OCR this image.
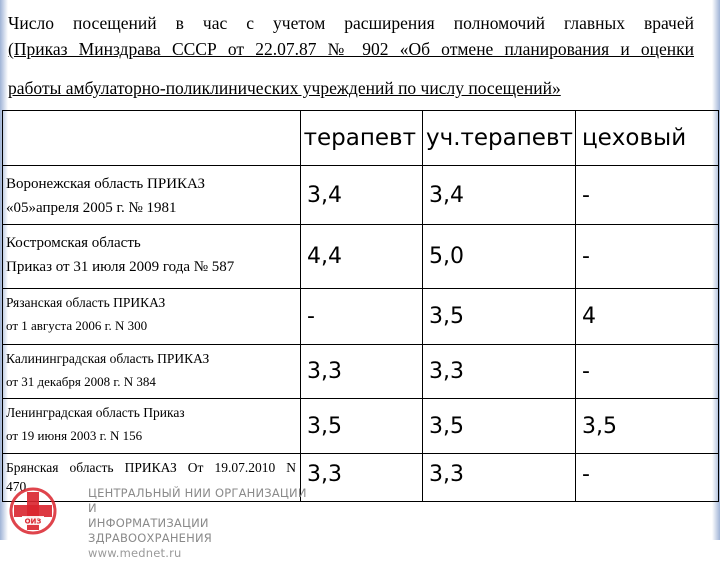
Число посещений в час с учетом расширения полномочий главных врачей
(Приказ Минздрава СССР от 22.07.87 № 902 «Об отмене планирования и оценки
работы амбулаторно-поликлинических учреждений по числу посещений»
	терапевт	уч.терапевт	цеховый

Воронежская область ПРИКАЗ
«05»апреля 2005 г. № 1981	3,4	3,4	-

Костромская область
Приказ от 31 июля 2009 года № 587	4,4	5,0	-

Рязанская область ПРИКАЗ
от 1 августа 2006 г. N 300	-	3,5	4

Калининградская область ПРИКАЗ
от 31 декабря 2008 г. N 384	3,3	3,3	-

Ленинградская область Приказ
от 19 июня 2003 г. N 156	3,5	3,5	3,5

Брянская область ПРИКАЗ От 19.07.2010 N
470	3,3	3,3	-
ОИЗ
ЦЕНТРАЛЬНЫЙ НИИ ОРГАНИЗАЦИИ И
ИНФОРМАТИЗАЦИИ ЗДРАВООХРАНЕНИЯ
www.mednet.ru
